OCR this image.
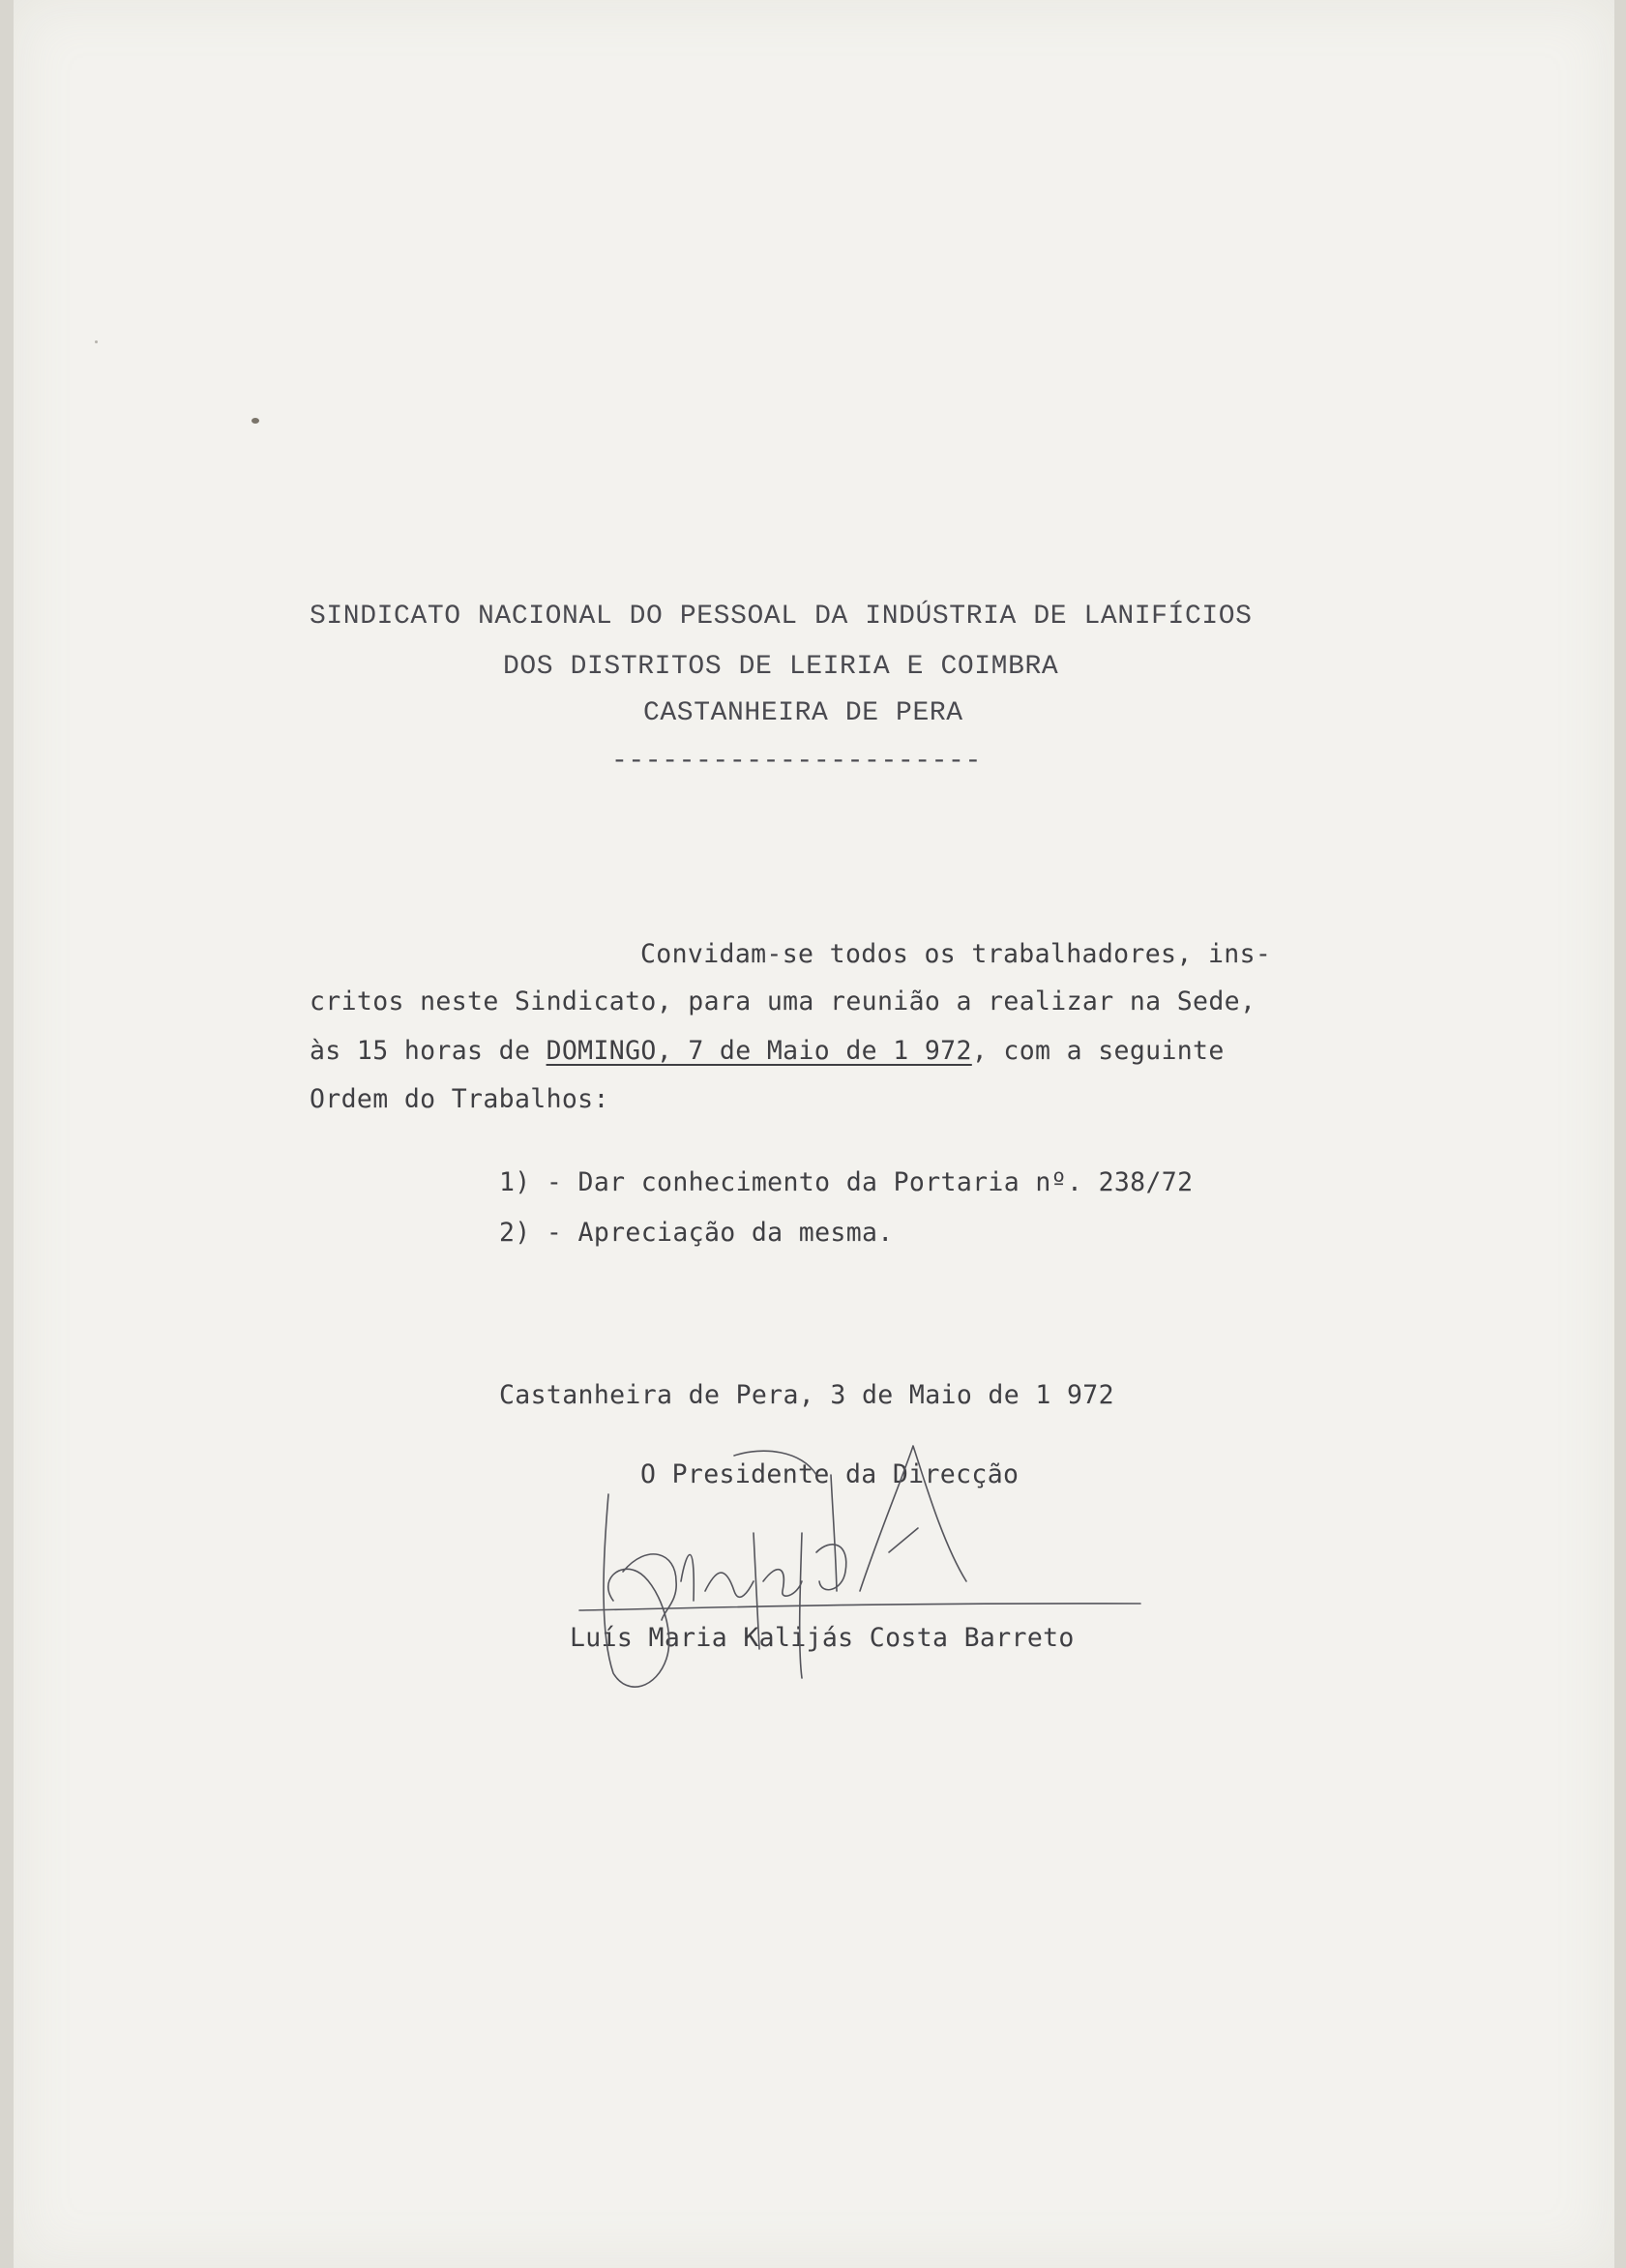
SINDICATO NACIONAL DO PESSOAL DA INDÚSTRIA DE LANIFÍCIOS
DOS DISTRITOS DE LEIRIA E COIMBRA
CASTANHEIRA DE PERA
----------------------
Convidam-se todos os trabalhadores, ins-
critos neste Sindicato, para uma reunião a realizar na Sede,
às 15 horas de DOMINGO, 7 de Maio de 1 972, com a seguinte
Ordem do Trabalhos:
1) - Dar conhecimento da Portaria nº. 238/72
2) - Apreciação da mesma.
Castanheira de Pera, 3 de Maio de 1 972
O Presidente da Direcção
Luís Maria Kalijás Costa Barreto
